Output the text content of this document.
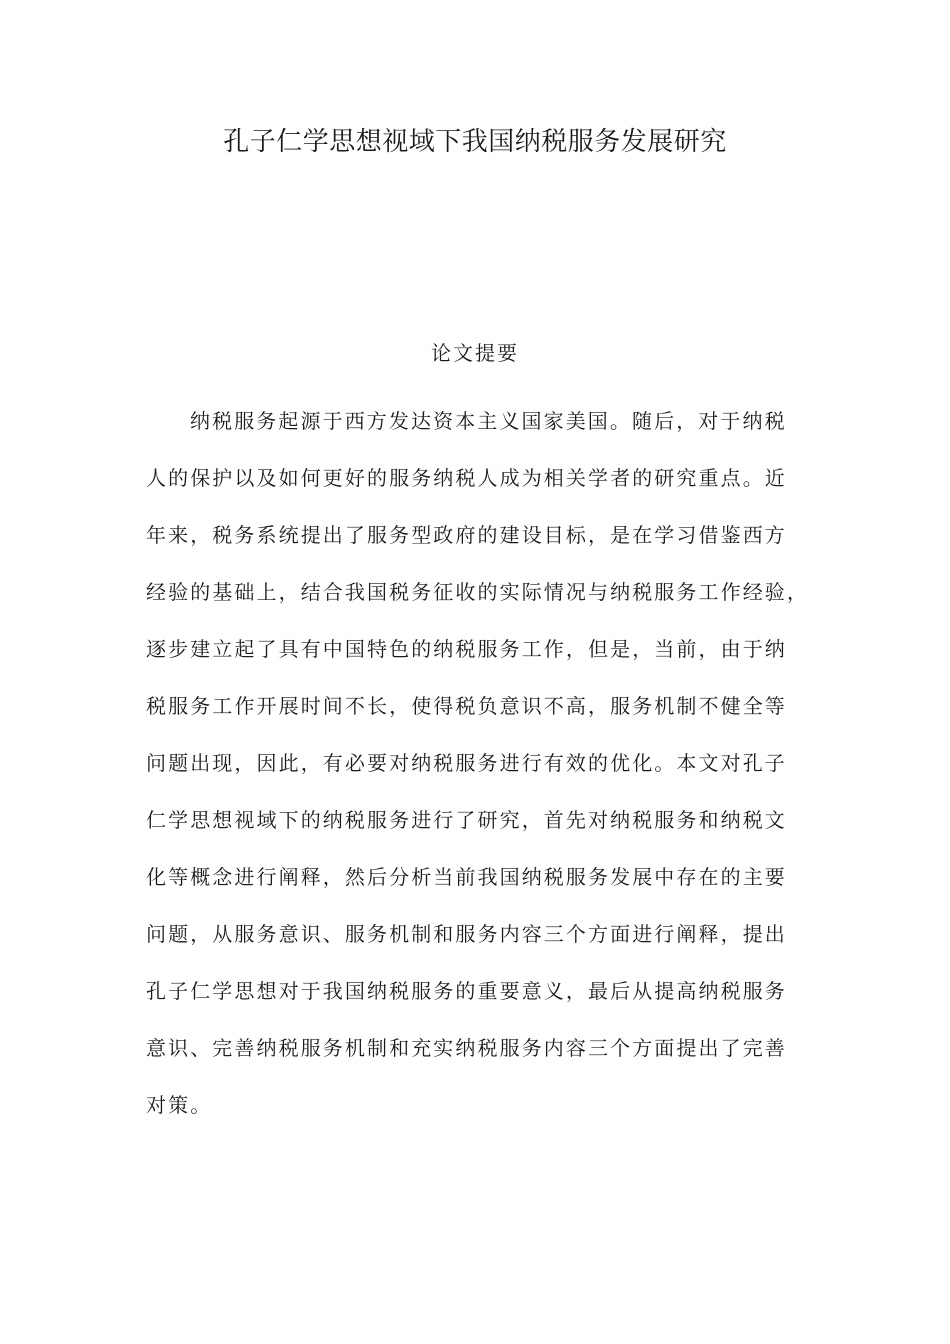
孔子仁学思想视域下我国纳税服务发展研究
论文提要
纳税服务起源于西方发达资本主义国家美国。随后，对于纳税
人的保护以及如何更好的服务纳税人成为相关学者的研究重点。近
年来，税务系统提出了服务型政府的建设目标，是在学习借鉴西方
经验的基础上，结合我国税务征收的实际情况与纳税服务工作经验，
逐步建立起了具有中国特色的纳税服务工作，但是，当前，由于纳
税服务工作开展时间不长，使得税负意识不高，服务机制不健全等
问题出现，因此，有必要对纳税服务进行有效的优化。本文对孔子
仁学思想视域下的纳税服务进行了研究，首先对纳税服务和纳税文
化等概念进行阐释，然后分析当前我国纳税服务发展中存在的主要
问题，从服务意识、服务机制和服务内容三个方面进行阐释，提出
孔子仁学思想对于我国纳税服务的重要意义，最后从提高纳税服务
意识、完善纳税服务机制和充实纳税服务内容三个方面提出了完善
对策。
